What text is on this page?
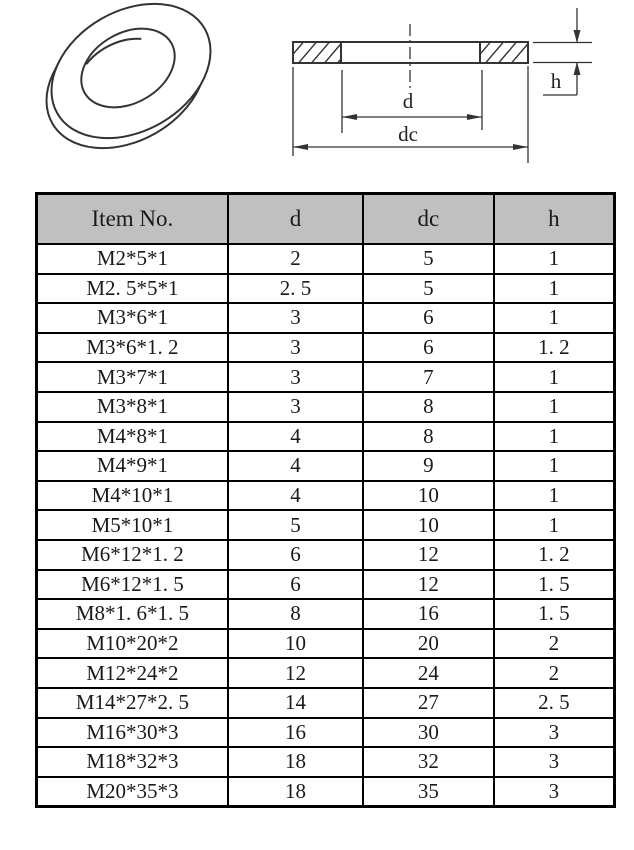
d
dc
h
Item No.	d	dc	h
M2*5*1	2	5	1
M2. 5*5*1	2. 5	5	1
M3*6*1	3	6	1
M3*6*1. 2	3	6	1. 2
M3*7*1	3	7	1
M3*8*1	3	8	1
M4*8*1	4	8	1
M4*9*1	4	9	1
M4*10*1	4	10	1
M5*10*1	5	10	1
M6*12*1. 2	6	12	1. 2
M6*12*1. 5	6	12	1. 5
M8*1. 6*1. 5	8	16	1. 5
M10*20*2	10	20	2
M12*24*2	12	24	2
M14*27*2. 5	14	27	2. 5
M16*30*3	16	30	3
M18*32*3	18	32	3
M20*35*3	18	35	3
